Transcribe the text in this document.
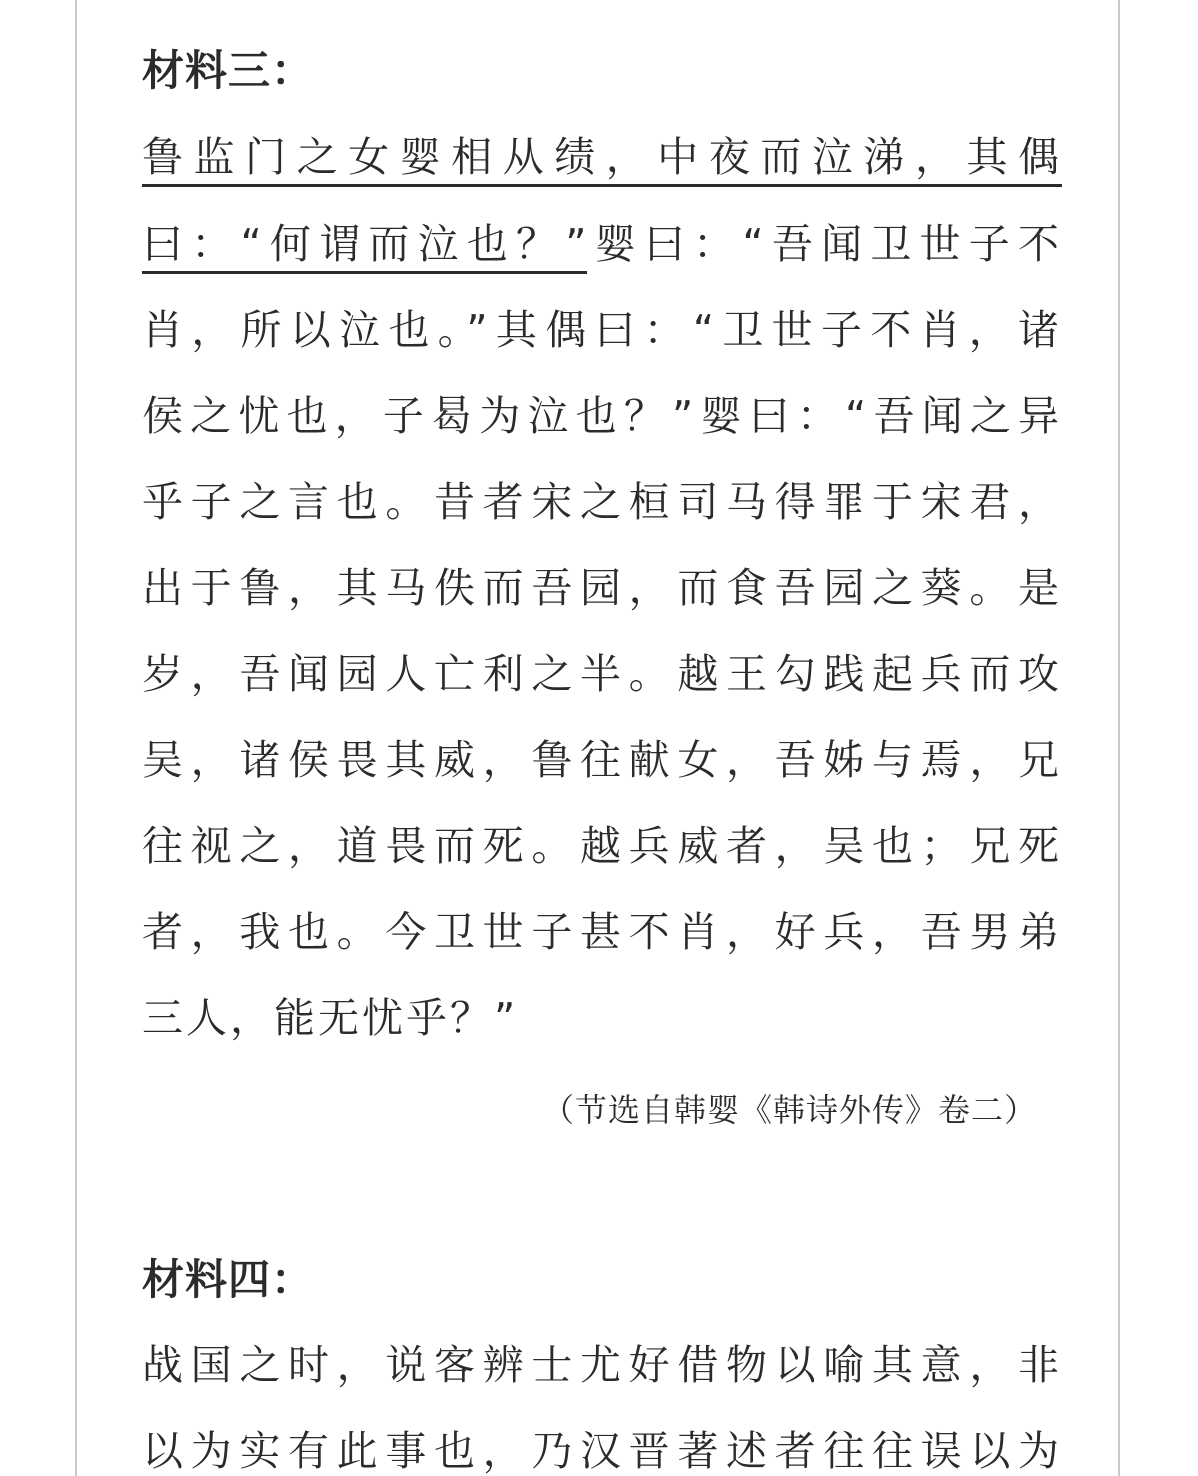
材料三：
鲁监门之女婴相从绩，中夜而泣涕，其偶
曰：“何谓而泣也？”婴曰：“吾闻卫世子不
肖，所以泣也。”其偶曰：“卫世子不肖，诸
侯之忧也，子曷为泣也？”婴曰：“吾闻之异
乎子之言也。昔者宋之桓司马得罪于宋君，
出于鲁，其马佚而吾园，而食吾园之葵。是
岁，吾闻园人亡利之半。越王勾践起兵而攻
吴，诸侯畏其威，鲁往献女，吾姊与焉，兄
往视之，道畏而死。越兵威者，吴也；兄死
者，我也。今卫世子甚不肖，好兵，吾男弟
三人，能无忧乎？”
（节选自韩婴《韩诗外传》卷二）
材料四：
战国之时，说客辨士尤好借物以喻其意，非
以为实有此事也，乃汉晋著述者往往误以为
